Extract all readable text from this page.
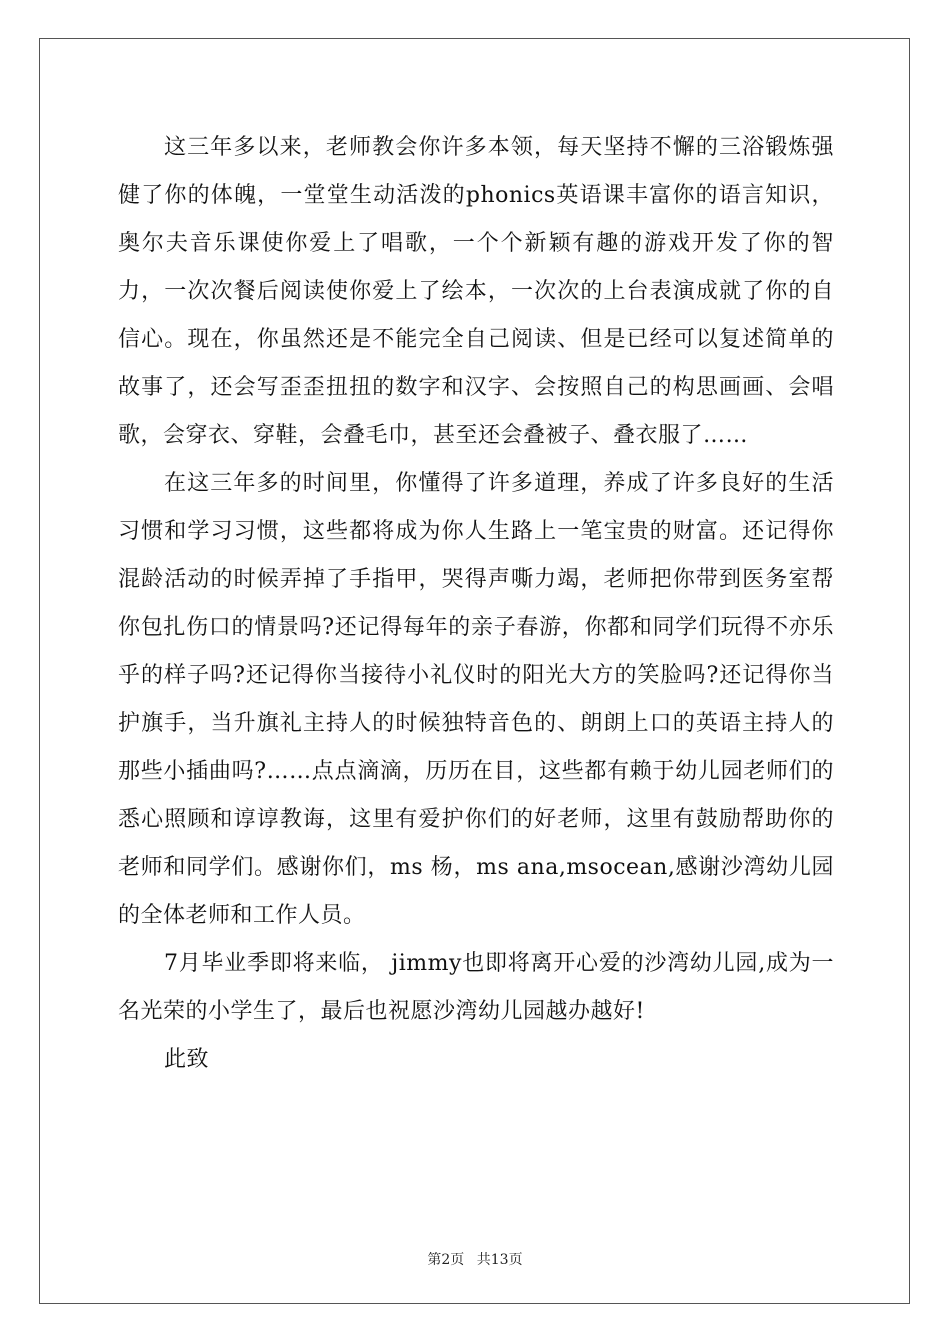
这三年多以来，老师教会你许多本领，每天坚持不懈的三浴锻炼强健了你的体魄，一堂堂生动活泼的phonics英语课丰富你的语言知识，奥尔夫音乐课使你爱上了唱歌，一个个新颖有趣的游戏开发了你的智力，一次次餐后阅读使你爱上了绘本，一次次的上台表演成就了你的自信心。现在，你虽然还是不能完全自己阅读、但是已经可以复述简单的故事了，还会写歪歪扭扭的数字和汉字、会按照自己的构思画画、会唱歌，会穿衣、穿鞋，会叠毛巾，甚至还会叠被子、叠衣服了……

在这三年多的时间里，你懂得了许多道理，养成了许多良好的生活习惯和学习习惯，这些都将成为你人生路上一笔宝贵的财富。还记得你混龄活动的时候弄掉了手指甲，哭得声嘶力竭，老师把你带到医务室帮你包扎伤口的情景吗?还记得每年的亲子春游，你都和同学们玩得不亦乐乎的样子吗?还记得你当接待小礼仪时的阳光大方的笑脸吗?还记得你当护旗手，当升旗礼主持人的时候独特音色的、朗朗上口的英语主持人的那些小插曲吗?……点点滴滴，历历在目，这些都有赖于幼儿园老师们的悉心照顾和谆谆教诲，这里有爱护你们的好老师，这里有鼓励帮助你的老师和同学们。感谢你们，ms 杨，ms ana,msocean,感谢沙湾幼儿园的全体老师和工作人员。

7月毕业季即将来临， jimmy也即将离开心爱的沙湾幼儿园,成为一名光荣的小学生了，最后也祝愿沙湾幼儿园越办越好!

此致

第2页 共13页
